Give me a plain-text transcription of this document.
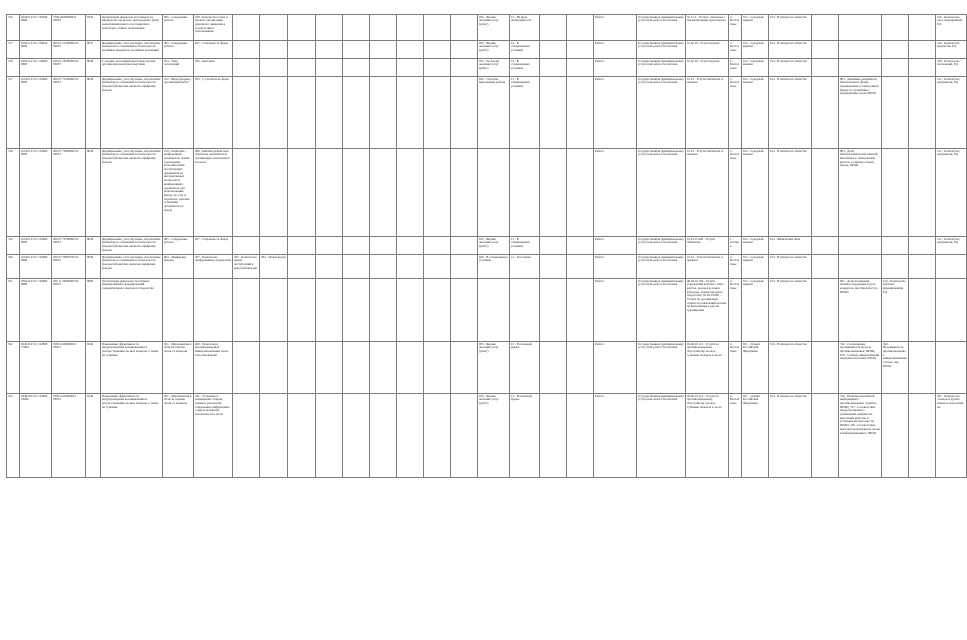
316	022201 P 45 1 00040 0000	750014000000012 03033	0334	Организация перевозок пассажиров по маршрутам городского пригородного (или) межмуниципального пассажирского транспорта общего пользования	065 - Содержание работы	018 - Разработка плана и проекта организации дорожного движения в соответствии с требованиями										035 - Формы оказания услуг (работ)	15 - Не виде необходимости			Работа	Государственная (муниципальная) услуга или работа бесплатная	52.21.2 - Услуги, связанные с автомобильным транспортом	2 - Бесплатные	012 - городской вариант	014 - В интересах общества					316 - Количество смет, мероприятий, ЕД

317	010211 P 45 1 00050 0000	200 01 25700000 02 03033	0037	Формирование, учет, изучение, обеспечение физического сохранения и безопасности музейных предметов, музейных коллекций	065 - Содержание работы	027 - Сохранность фонда										035 - Формы оказания услуг (работ)	12 - В стационарных условиях			Работа	Государственная (муниципальная) услуга или работа бесплатная	91.02.10 - Услуги музеев	2 - Бесплатные	012 - городской вариант	014 - В интересах общества					319 - Количество предметов, ЕД

318	010211 P 45 1 00060 0000	200 01 28700000 02 03033	0038	Создание экспозиций (выставок) музеев, организация выездных выставок	054 - Тема экспозиций	285 - выставки										035 - По форме оказания услуг (работ)	12 - В стационарных условиях			Работа	Государственная (муниципальная) услуга или работа бесплатная	91.02.10 - Услуги музеев	2 - Бесплатные	012 - городской вариант	014 - В интересах общества					338 - Количество экспозиций, ЕД

317	010101 P 45 1 00090 0000	200 07 72500000 02 03033	0039	Формирование, учет, изучение, обеспечение физического сохранения и безопасности фондов библиотеки, включая оцифровку фондов	012 - Виды (формы) организации работ	253 - С учетом всех форм										032 - Способы выполнения работы	12 - В стационарных условиях			Работа	Государственная (муниципальная) услуга или работа бесплатная	91.01 - Услуги библиотек и архивов	2 - Бесплатные	012 - городской вариант	014 - В интересах общества		803 - Динамика документов библиотечного фонда, переведенных в электронную форму по сравнению с предыдущим годом, ПРОЦ			121 - Количество документов, ЕД

318	010101 P 45 1 00090 0000	200 07 72800000 02 03033	0039	Формирование, учет, изучение, обеспечение физического сохранения и безопасности фондов библиотеки, включая оцифровку фондов	219 - Периодич., конференции документов, лемые учреждения, исполнителями поступающих документов на интерактивных носителях и конференциях документов для использования фонда, по учет и обработке, рабочих основании документов по фонду	286 - Библиографическая обработка документов и организация электронного каталога														Работа	Государственная (муниципальная) услуга или работа бесплатная	91.01 - Услуги библиотек и архивов	2 - Бесплатные	012 - городской вариант	014 - В интересах общества		803 - Доля библиографической записей, внесенных в электронный каталог, к общему объему фонда, ПРОЦ			121 - Количество документов, ЕД

319	010101 P 45 1 00090 0000	200 07 72700000 02 03033	0039	Формирование, учет, изучение, обеспечение физического сохранения и безопасности фондов библиотеки, включая оцифровку фондов	065 - Содержание работы	027 - Сохранность фонда										035 - Формы оказания услуг (работ)	12 - В стационарных условиях			Работа	Государственная (муниципальная) услуга или работа бесплатная	91.01.11.000 - Услуги библиотек	1 - платная	012 - городской вариант	014 - Физические лица					121 - Количество документов, ЕД

320	010101 P 45 1 00090 0000	200 07 30650700 02 03033	0039	Формирование, учет, изучение, обеспечение физического сохранения и безопасности фондов библиотеки, включая оцифровку фондов	003 - Оцифровка фондов	307 - Количество оцифрованных документов	343 - Количество новых поступлений в фонд библиотеки	304 - Объем фонда								040 - В стационарных условиях	12 - Постоянно			Работа	Государственная (муниципальная) услуга или работа бесплатная	91.01 - Услуги библиотек и архивов	2 - Бесплатные	012 - городской вариант	014 - В интересах общества					

321	030410 P 45 1 00000 0000	200 11 50000000 02 03033	0080	Организация деятельности клубных формирований и формирований самодеятельного народного творчества																Работа	Государственная (муниципальная) услуга или работа бесплатная	90.04.10.190 - Услуги учреждений клубного типа: клубов, дворцов и домов культуры, домов народного творчества; 93.29.19.000 - Услуги по организации отдыха и развлечений прочие, не включенные в другие группировки	2 - Бесплатные	012 - городской вариант	014 - В интересах общества		901 - Доля посещения, активно поддержки досуга, конкурсов, фестивалей и т.п., ПРОЦ	122 - Количество клубных формирований, ЕД		

322	024010 P 45 1 02800 17000	350011400000012 03033	0246	Повышение эффективности предупреждения возникновения и распространения лесных пожаров, а также их тушения	021 - Мероприятия в области охраны лесов от пожаров	469 - Пропаганда противопожарных минерализованных полос и их обновления										035 - Формы оказания услуг (работ)	15 - В плановой форме			Работа	Государственная (муниципальная) услуга или работа бесплатная	02.40.10.114 - Услуги по противопожарному обустройству лесов и тушению пожаров в лесах	2 - Бесплатные	021 - субъект Российской Федерации	014 - В интересах общества		742 - Соотношение протяженности полосы противопожарных, ПРОЦ; 670 - Степень минерализации поверхности почвы, ПРОЦ	362 - Протяженность противопожарных минерализованных полос, км, ПРОЦ		

323	024010 P 45 1 02800 18000	350011410000012 03033	0246	Повышение эффективности предупреждения возникновения и распространения лесных пожаров, а также их тушения	021 - Мероприятия в области охраны лесов от пожаров	431 - Установка и размещение стендов, знаков и указателей, содержащих информацию о мерах пожарной безопасности в лесах										035 - Формы оказания услуг (работ)	15 - В плановой форме			Работа	Государственная (муниципальная) услуга или работа бесплатная	02.40.10.114 - Услуги по противопожарному обустройству лесов и тушению пожаров в лесах	2 - Бесплатные	021 - субъект Российской Федерации	014 - В интересах общества		749 - Наличие контактной информации о противопожарных службах, ПРОЦ; 747 - Соответствие предусмотренного размещения, видимости, креплении шильтов и установок их высотности, ПРОЦ; 746 - Соответствие высотности материалов доски и информационных, ПРОЦ			367 - Количество стендов и других знаков и указателей, шт
